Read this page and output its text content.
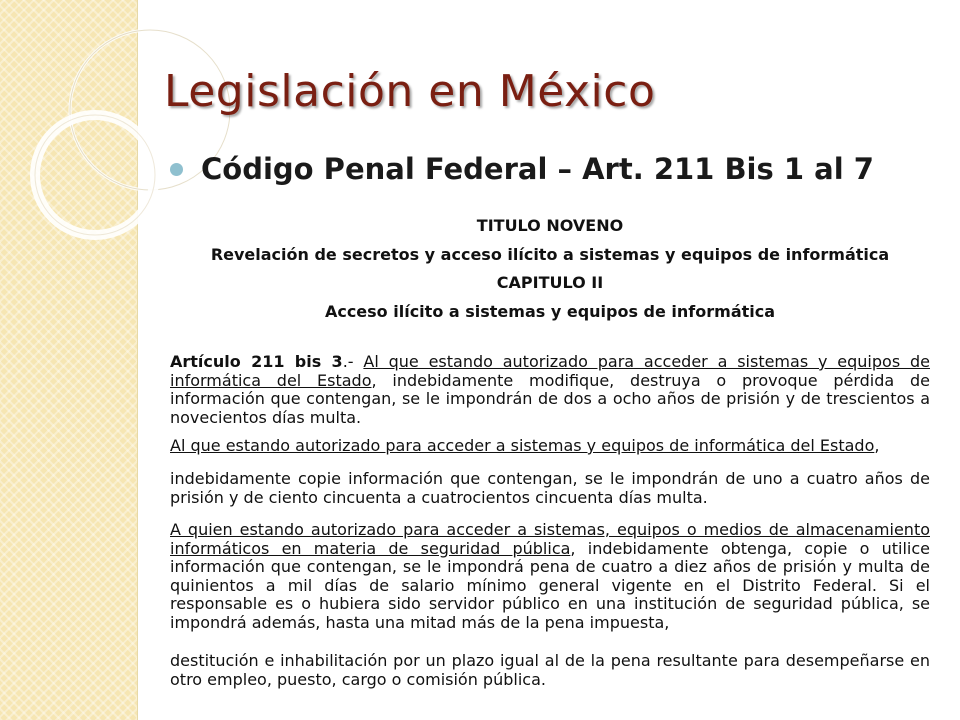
Legislación en México
Código Penal Federal – Art. 211 Bis 1 al 7
TITULO NOVENO
Revelación de secretos y acceso ilícito a sistemas y equipos de informática
CAPITULO II
Acceso ilícito a sistemas y equipos de informática

Artículo 211 bis 3.- Al que estando autorizado para acceder a sistemas y equipos de informática del Estado, indebidamente modifique, destruya o provoque pérdida de información que contengan, se le impondrán de dos a ocho años de prisión y de trescientos a novecientos días multa.

Al que estando autorizado para acceder a sistemas y equipos de informática del Estado,

indebidamente copie información que contengan, se le impondrán de uno a cuatro años de prisión y de ciento cincuenta a cuatrocientos cincuenta días multa.

A quien estando autorizado para acceder a sistemas, equipos o medios de almacenamiento informáticos en materia de seguridad pública, indebidamente obtenga, copie o utilice información que contengan, se le impondrá pena de cuatro a diez años de prisión y multa de quinientos a mil días de salario mínimo general vigente en el Distrito Federal. Si el responsable es o hubiera sido servidor público en una institución de seguridad pública, se impondrá además, hasta una mitad más de la pena impuesta,

destitución e inhabilitación por un plazo igual al de la pena resultante para desempeñarse en otro empleo, puesto, cargo o comisión pública.
